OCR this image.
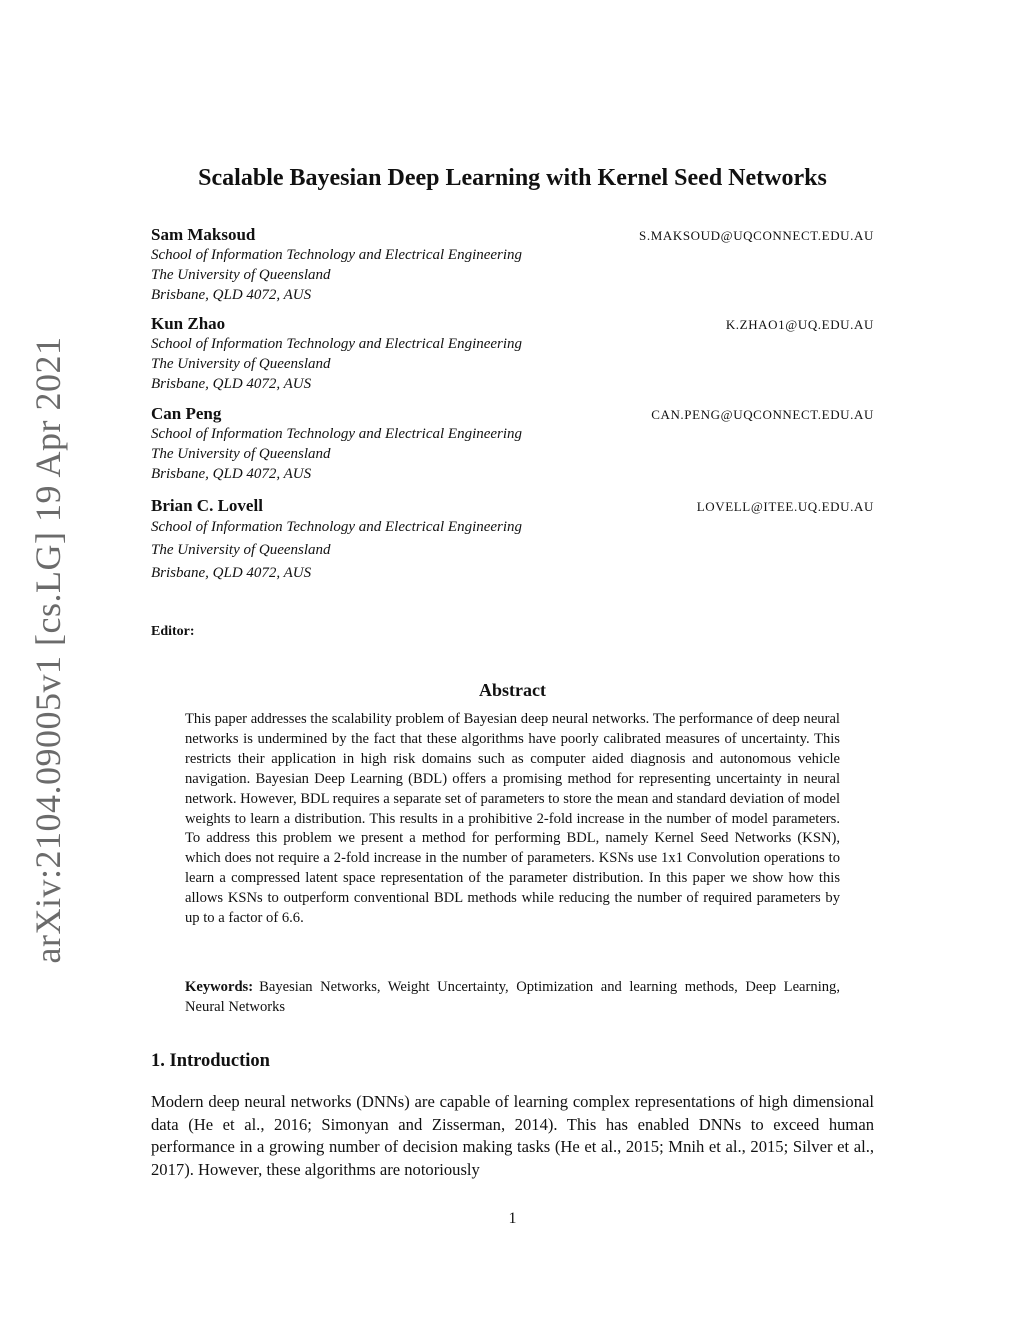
arXiv:2104.09005v1 [cs.LG] 19 Apr 2021
Scalable Bayesian Deep Learning with Kernel Seed Networks
Sam Maksoud	S.MAKSOUD@UQCONNECT.EDU.AU
School of Information Technology and Electrical Engineering
The University of Queensland
Brisbane, QLD 4072, AUS
Kun Zhao	K.ZHAO1@UQ.EDU.AU
School of Information Technology and Electrical Engineering
The University of Queensland
Brisbane, QLD 4072, AUS
Can Peng	CAN.PENG@UQCONNECT.EDU.AU
School of Information Technology and Electrical Engineering
The University of Queensland
Brisbane, QLD 4072, AUS
Brian C. Lovell	LOVELL@ITEE.UQ.EDU.AU
School of Information Technology and Electrical Engineering
The University of Queensland
Brisbane, QLD 4072, AUS
Editor:
Abstract
This paper addresses the scalability problem of Bayesian deep neural networks. The performance of deep neural networks is undermined by the fact that these algorithms have poorly calibrated measures of uncertainty. This restricts their application in high risk domains such as computer aided diagnosis and autonomous vehicle navigation. Bayesian Deep Learning (BDL) offers a promising method for representing uncertainty in neural network. However, BDL requires a separate set of parameters to store the mean and standard deviation of model weights to learn a distribution. This results in a prohibitive 2-fold increase in the number of model parameters. To address this problem we present a method for performing BDL, namely Kernel Seed Networks (KSN), which does not require a 2-fold increase in the number of parameters. KSNs use 1x1 Convolution operations to learn a compressed latent space representation of the parameter distribution. In this paper we show how this allows KSNs to outperform conventional BDL methods while reducing the number of required parameters by up to a factor of 6.6.
Keywords: Bayesian Networks, Weight Uncertainty, Optimization and learning methods, Deep Learning, Neural Networks
1. Introduction
Modern deep neural networks (DNNs) are capable of learning complex representations of high dimensional data (He et al., 2016; Simonyan and Zisserman, 2014). This has enabled DNNs to exceed human performance in a growing number of decision making tasks (He et al., 2015; Mnih et al., 2015; Silver et al., 2017). However, these algorithms are notoriously
1
